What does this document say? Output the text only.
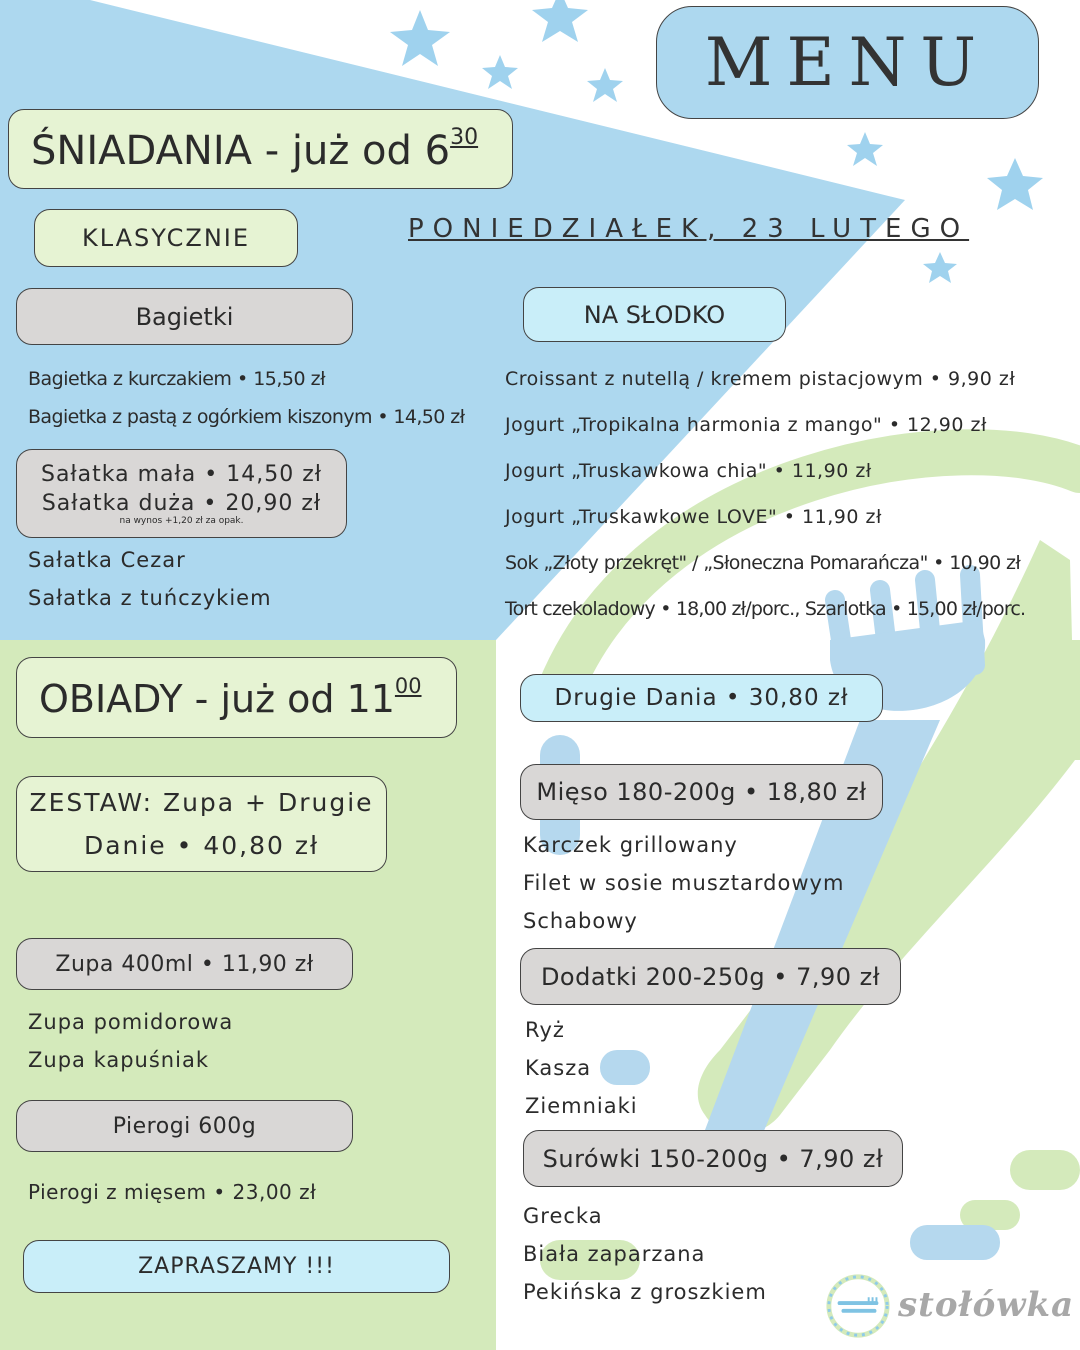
MENU
PONIEDZIAŁEK, 23 LUTEGO
ŚNIADANIA - już od $6^{30}$
KLASYCZNIE
Bagietki
Bagietka z kurczakiem • 15,50 zł
Bagietka z pastą z ogórkiem kiszonym • 14,50 zł
Sałatka mała • 14,50 zł
Sałatka duża • 20,90 zł
na wynos +1,20 zł za opak.
Sałatka Cezar
Sałatka z tuńczykiem
NA SŁODKO
Croissant z nutellą / kremem pistacjowym • 9,90 zł
Jogurt „Tropikalna harmonia z mango" • 12,90 zł
Jogurt „Truskawkowa chia" • 11,90 zł
Jogurt „Truskawkowe LOVE" • 11,90 zł
Sok „Złoty przekręt" / „Słoneczna Pomarańcza" • 10,90 zł
Tort czekoladowy • 18,00 zł/porc., Szarlotka • 15,00 zł/porc.
OBIADY - już od $11^{00}$
ZESTAW: Zupa + Drugie
Danie • 40,80 zł
Zupa 400ml • 11,90 zł
Zupa pomidorowa
Zupa kapuśniak
Pierogi 600g
Pierogi z mięsem • 23,00 zł
ZAPRASZAMY !!!
Drugie Dania • 30,80 zł
Mięso 180-200g • 18,80 zł
Karczek grillowany
Filet w sosie musztardowym
Schabowy
Dodatki 200-250g • 7,90 zł
Ryż
Kasza
Ziemniaki
Surówki 150-200g • 7,90 zł
Grecka
Biała zaparzana
Pekińska z groszkiem	stołówka
